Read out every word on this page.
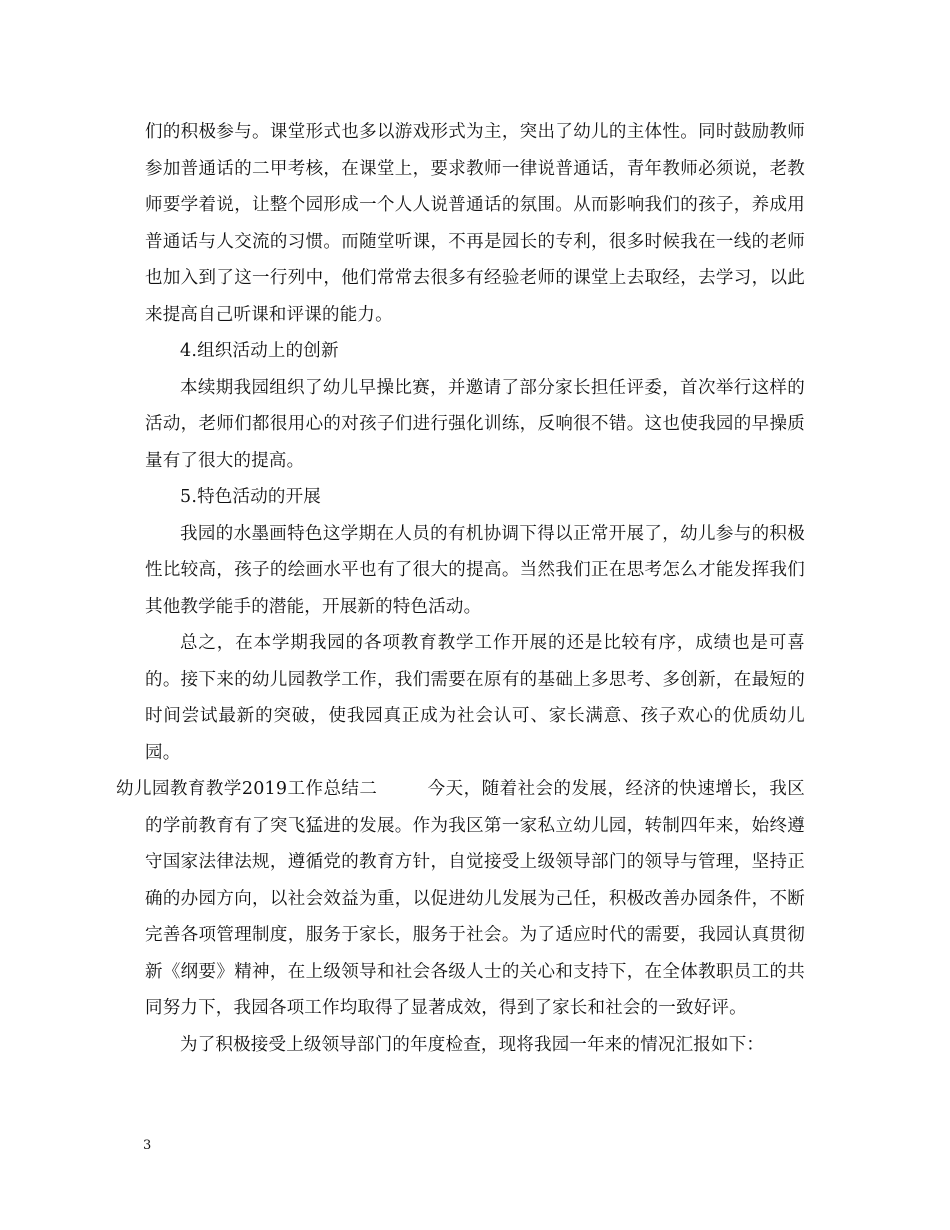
们的积极参与。课堂形式也多以游戏形式为主，突出了幼儿的主体性。同时鼓励教师参加普通话的二甲考核，在课堂上，要求教师一律说普通话，青年教师必须说，老教师要学着说，让整个园形成一个人人说普通话的氛围。从而影响我们的孩子，养成用普通话与人交流的习惯。而随堂听课，不再是园长的专利，很多时候我在一线的老师也加入到了这一行列中，他们常常去很多有经验老师的课堂上去取经，去学习，以此来提高自己听课和评课的能力。

4.组织活动上的创新

本续期我园组织了幼儿早操比赛，并邀请了部分家长担任评委，首次举行这样的活动，老师们都很用心的对孩子们进行强化训练，反响很不错。这也使我园的早操质量有了很大的提高。

5.特色活动的开展

我园的水墨画特色这学期在人员的有机协调下得以正常开展了，幼儿参与的积极性比较高，孩子的绘画水平也有了很大的提高。当然我们正在思考怎么才能发挥我们其他教学能手的潜能，开展新的特色活动。

总之，在本学期我园的各项教育教学工作开展的还是比较有序，成绩也是可喜的。接下来的幼儿园教学工作，我们需要在原有的基础上多思考、多创新，在最短的时间尝试最新的突破，使我园真正成为社会认可、家长满意、孩子欢心的优质幼儿园。

幼儿园教育教学2019工作总结二	今天，随着社会的发展，经济的快速增长，我区的学前教育有了突飞猛进的发展。作为我区第一家私立幼儿园，转制四年来，始终遵守国家法律法规，遵循党的教育方针，自觉接受上级领导部门的领导与管理，坚持正确的办园方向，以社会效益为重，以促进幼儿发展为己任，积极改善办园条件，不断完善各项管理制度，服务于家长，服务于社会。为了适应时代的需要，我园认真贯彻新《纲要》精神，在上级领导和社会各级人士的关心和支持下，在全体教职员工的共同努力下，我园各项工作均取得了显著成效，得到了家长和社会的一致好评。

为了积极接受上级领导部门的年度检查，现将我园一年来的情况汇报如下：

3
